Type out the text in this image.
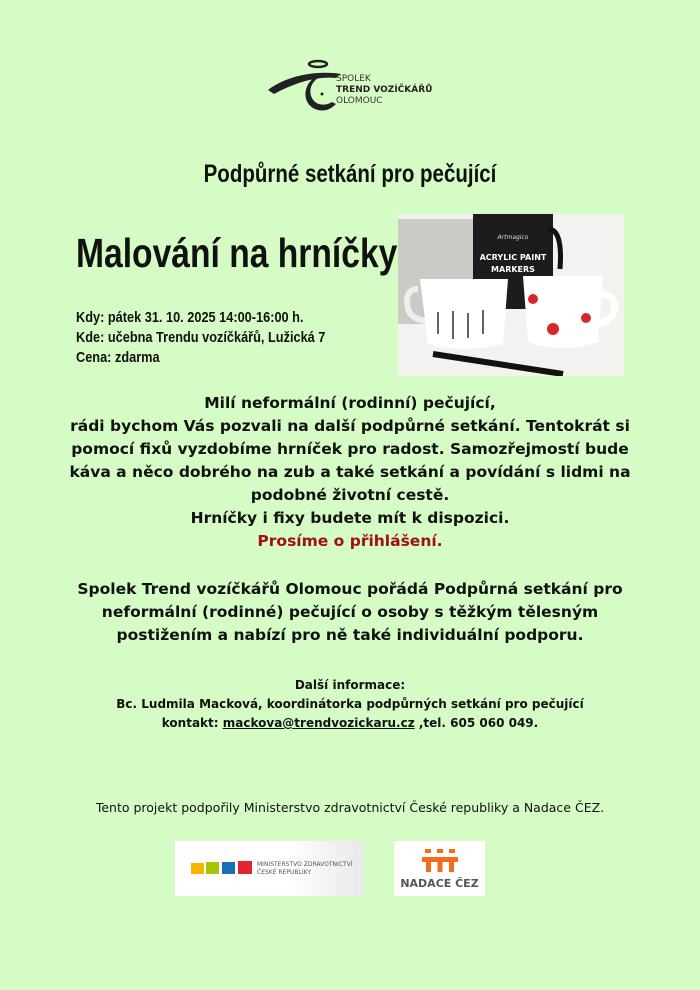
SPOLEK
TREND VOZÍČKÁŘŮ
OLOMOUC
Podpůrné setkání pro pečující
Malování na hrníčky
Kdy: pátek 31. 10. 2025 14:00-16:00 h.
Kde: učebna Trendu vozíčkářů, Lužická 7
Cena: zdarma
Artmagico
ACRYLIC PAINT
MARKERS
Milí neformální (rodinní) pečující,
rádi bychom Vás pozvali na další podpůrné setkání. Tentokrát si pomocí fixů vyzdobíme hrníček pro radost. Samozřejmostí bude káva a něco dobrého na zub a také setkání a povídání s lidmi na podobné životní cestě.
Hrníčky i fixy budete mít k dispozici.
Prosíme o přihlášení.
Spolek Trend vozíčkářů Olomouc pořádá Podpůrná setkání pro neformální (rodinné) pečující o osoby s těžkým tělesným postižením a nabízí pro ně také individuální podporu.
Další informace:
Bc. Ludmila Macková, koordinátorka podpůrných setkání pro pečující
kontakt: mackova@trendvozickaru.cz ,tel. 605 060 049.
Tento projekt podpořily Ministerstvo zdravotnictví České republiky a Nadace ČEZ.
MINISTERSTVO ZDRAVOTNICTVÍ
ČESKÉ REPUBLIKY
NADACE ČEZ
